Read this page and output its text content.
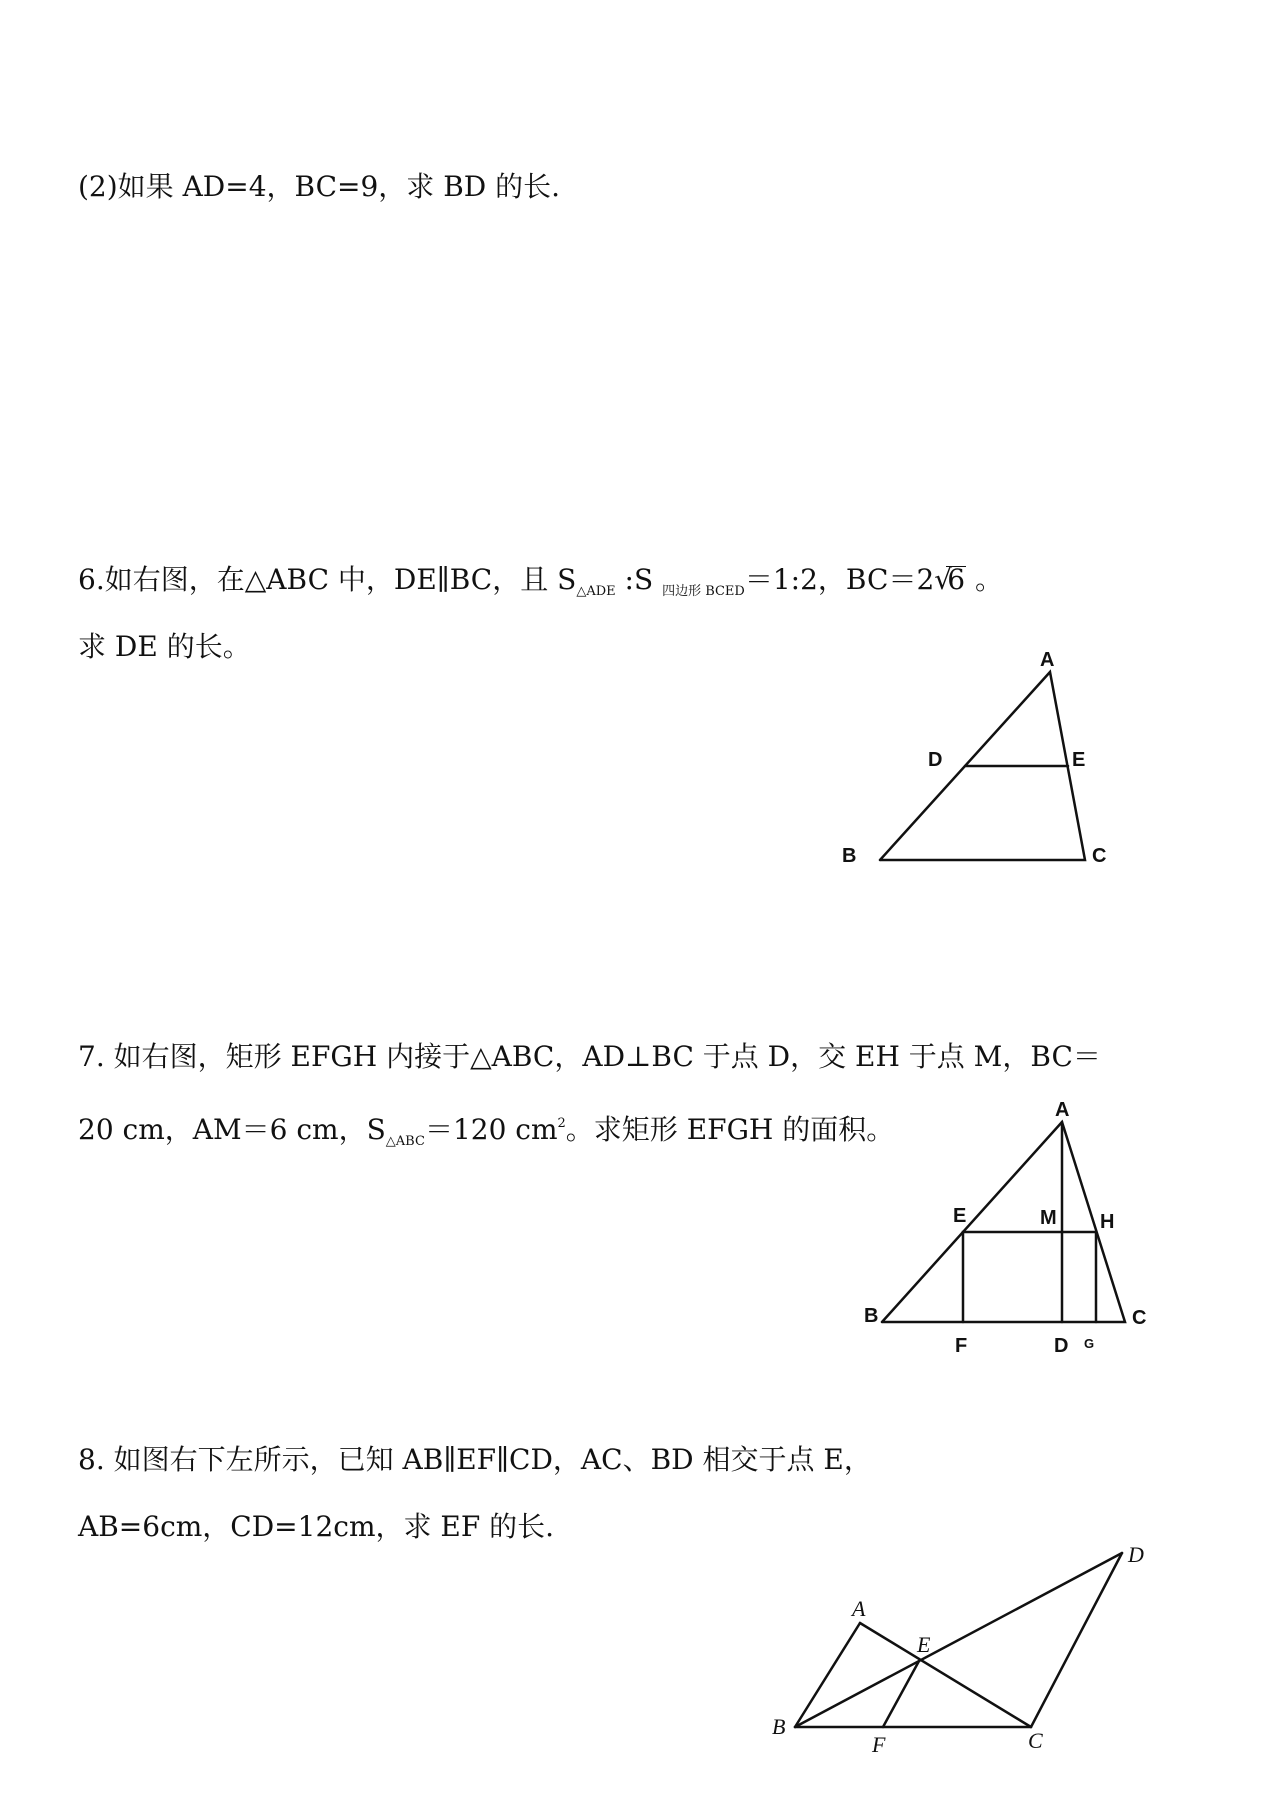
(2)如果 AD=4，BC=9，求 BD 的长.
6.如右图，在△ABC 中，DE∥BC，且 $S_{\triangle ADE}$ :S $_{四边形 BCED}$＝1:2，BC＝2 √
6 。
求 DE 的长。	A
D	E
B	C
7. 如右图，矩形 EFGH 内接于△ABC，AD⊥BC 于点 D，交 EH 于点 M，BC＝
20 cm，AM＝6 cm，$S_{\triangle ABC}=120$ $cm^2$。求矩形 EFGH 的面积。
A
E	M H
B	C
F	D G
8. 如图右下左所示，已知 AB∥EF∥CD，AC、BD 相交于点 E，
AB=6cm，CD=12cm，求 EF 的长.
A
E
D
B
F	C
